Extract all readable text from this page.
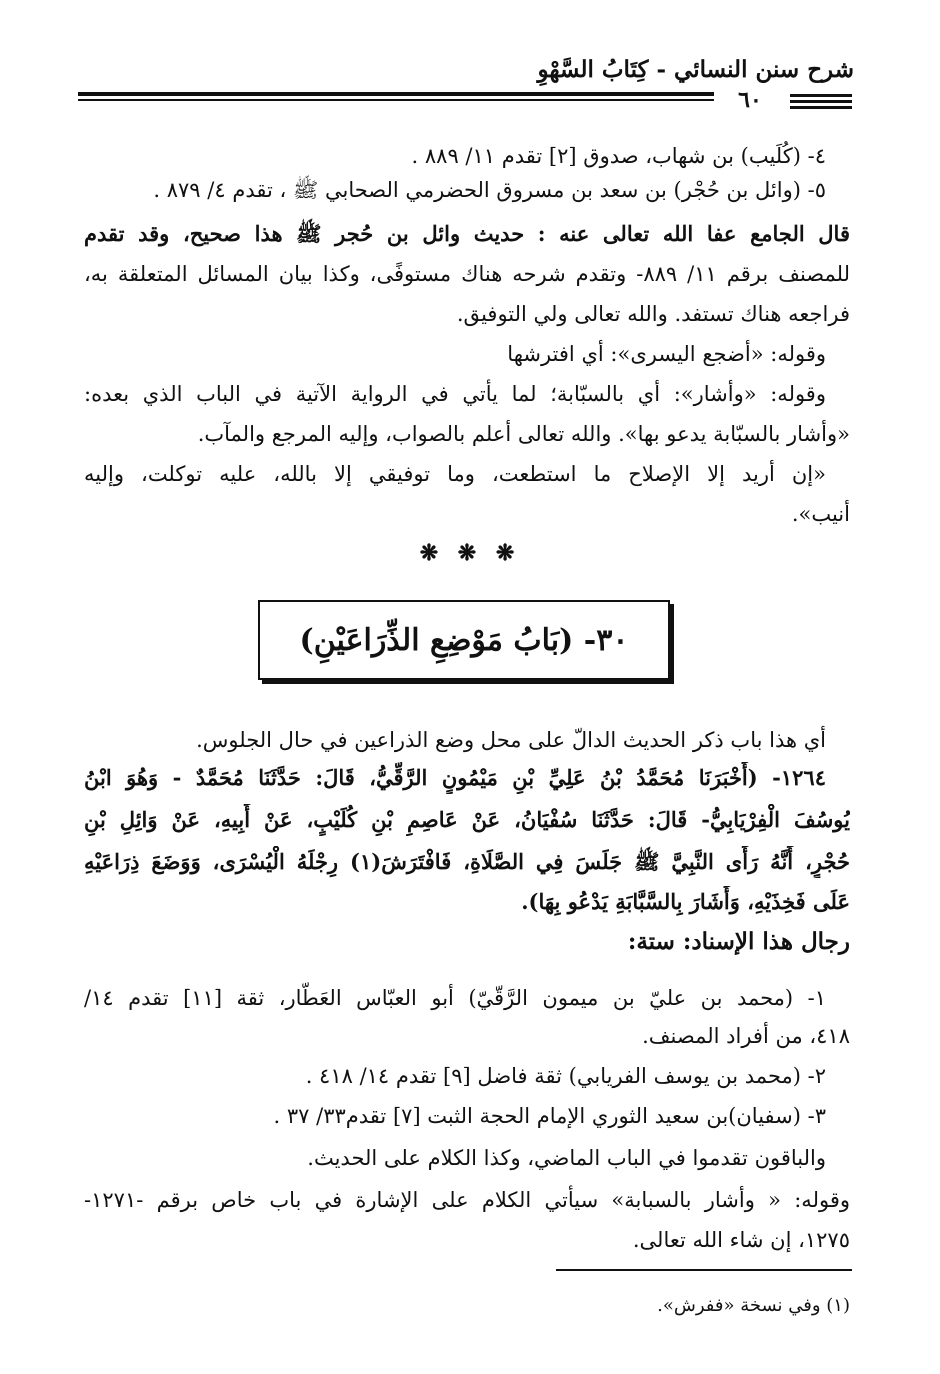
شرح سنن النسائي - كِتَابُ السَّهْوِ
٦٠
٤- (كُلَيب) بن شهاب، صدوق [٢] تقدم ١١/ ٨٨٩ .
٥- (وائل بن حُجْر) بن سعد بن مسروق الحضرمي الصحابي ﷺ ، تقدم ٤/ ٨٧٩ .
قال الجامع عفا الله تعالى عنه : حديث وائل بن حُجر ﷺ هذا صحيح، وقد تقدم
للمصنف برقم ١١/ ٨٨٩- وتقدم شرحه هناك مستوفًى، وكذا بيان المسائل المتعلقة به،
فراجعه هناك تستفد. والله تعالى ولي التوفيق.
وقوله: «أضجع اليسرى»: أي افترشها
وقوله: «وأشار»: أي بالسبّابة؛ لما يأتي في الرواية الآتية في الباب الذي بعده:
«وأشار بالسبّابة يدعو بها». والله تعالى أعلم بالصواب، وإليه المرجع والمآب.
«إن أريد إلا الإصلاح ما استطعت، وما توفيقي إلا بالله، عليه توكلت، وإليه
أنيب».
❋ ❋ ❋
٣٠- (بَابُ مَوْضِعِ الذِّرَاعَيْنِ)
أي هذا باب ذكر الحديث الدالّ على محل وضع الذراعين في حال الجلوس.
١٢٦٤- (أَخْبَرَنَا مُحَمَّدُ بْنُ عَلِيِّ بْنِ مَيْمُونٍ الرَّقِّيُّ، قَالَ: حَدَّثَنَا مُحَمَّدٌ - وَهُوَ ابْنُ
يُوسُفَ الْفِرْيَابِيُّ- قَالَ: حَدَّثَنَا سُفْيَانُ، عَنْ عَاصِمِ بْنِ كُلَيْبٍ، عَنْ أَبِيهِ، عَنْ وَائِلِ بْنِ
حُجْرٍ، أَنَّهُ رَأَى النَّبِيَّ ﷺ جَلَسَ فِي الصَّلَاةِ، فَافْتَرَشَ(١) رِجْلَهُ الْيُسْرَى، وَوَضَعَ ذِرَاعَيْهِ
عَلَى فَخِذَيْهِ، وَأَشَارَ بِالسَّبَّابَةِ يَدْعُو بِهَا).
رجال هذا الإسناد: ستة:
١- (محمد بن عليّ بن ميمون الرَّقّيّ) أبو العبّاس العَطّار، ثقة [١١] تقدم ١٤/
٤١٨، من أفراد المصنف.
٢- (محمد بن يوسف الفريابي) ثقة فاضل [٩] تقدم ١٤/ ٤١٨ .
٣- (سفيان)بن سعيد الثوري الإمام الحجة الثبت [٧] تقدم٣٣/ ٣٧ .
والباقون تقدموا في الباب الماضي، وكذا الكلام على الحديث.
وقوله: « وأشار بالسبابة» سيأتي الكلام على الإشارة في باب خاص برقم -١٢٧١-
١٢٧٥، إن شاء الله تعالى.
(١) وفي نسخة «ففرش».
